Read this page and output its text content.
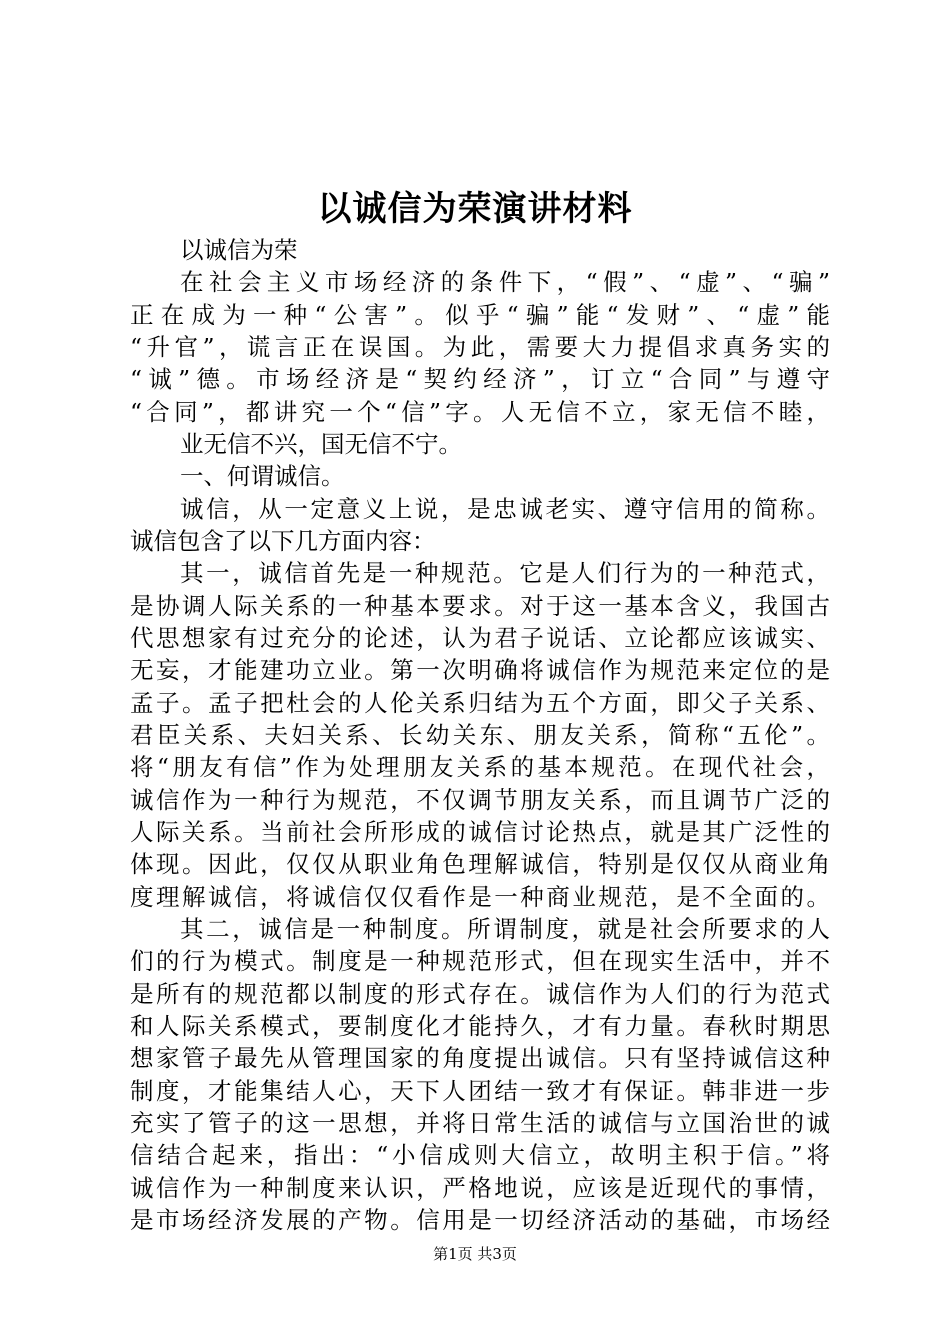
以诚信为荣演讲材料
以诚信为荣
在社会主义市场经济的条件下，“假”、“虚”、“骗”
正在成为一种“公害”。似乎“骗”能“发财”、“虚”能
“升官”，谎言正在误国。为此，需要大力提倡求真务实的
“诚”德。市场经济是“契约经济”，订立“合同”与遵守
“合同”，都讲究一个“信”字。人无信不立，家无信不睦，
业无信不兴，国无信不宁。
一、何谓诚信。
诚信，从一定意义上说，是忠诚老实、遵守信用的简称。
诚信包含了以下几方面内容：
其一，诚信首先是一种规范。它是人们行为的一种范式，
是协调人际关系的一种基本要求。对于这一基本含义，我国古
代思想家有过充分的论述，认为君子说话、立论都应该诚实、
无妄，才能建功立业。第一次明确将诚信作为规范来定位的是
孟子。孟子把杜会的人伦关系归结为五个方面，即父子关系、
君臣关系、夫妇关系、长幼关东、朋友关系，简称“五伦”。
将“朋友有信”作为处理朋友关系的基本规范。在现代社会，
诚信作为一种行为规范，不仅调节朋友关系，而且调节广泛的
人际关系。当前社会所形成的诚信讨论热点，就是其广泛性的
体现。因此，仅仅从职业角色理解诚信，特别是仅仅从商业角
度理解诚信，将诚信仅仅看作是一种商业规范，是不全面的。
其二，诚信是一种制度。所谓制度，就是社会所要求的人
们的行为模式。制度是一种规范形式，但在现实生活中，并不
是所有的规范都以制度的形式存在。诚信作为人们的行为范式
和人际关系模式，要制度化才能持久，才有力量。春秋时期思
想家管子最先从管理国家的角度提出诚信。只有坚持诚信这种
制度，才能集结人心，天下人团结一致才有保证。韩非进一步
充实了管子的这一思想，并将日常生活的诚信与立国治世的诚
信结合起来，指出：“小信成则大信立，故明主积于信。”将
诚信作为一种制度来认识，严格地说，应该是近现代的事情，
是市场经济发展的产物。信用是一切经济活动的基础，市场经
第1页 共3页
